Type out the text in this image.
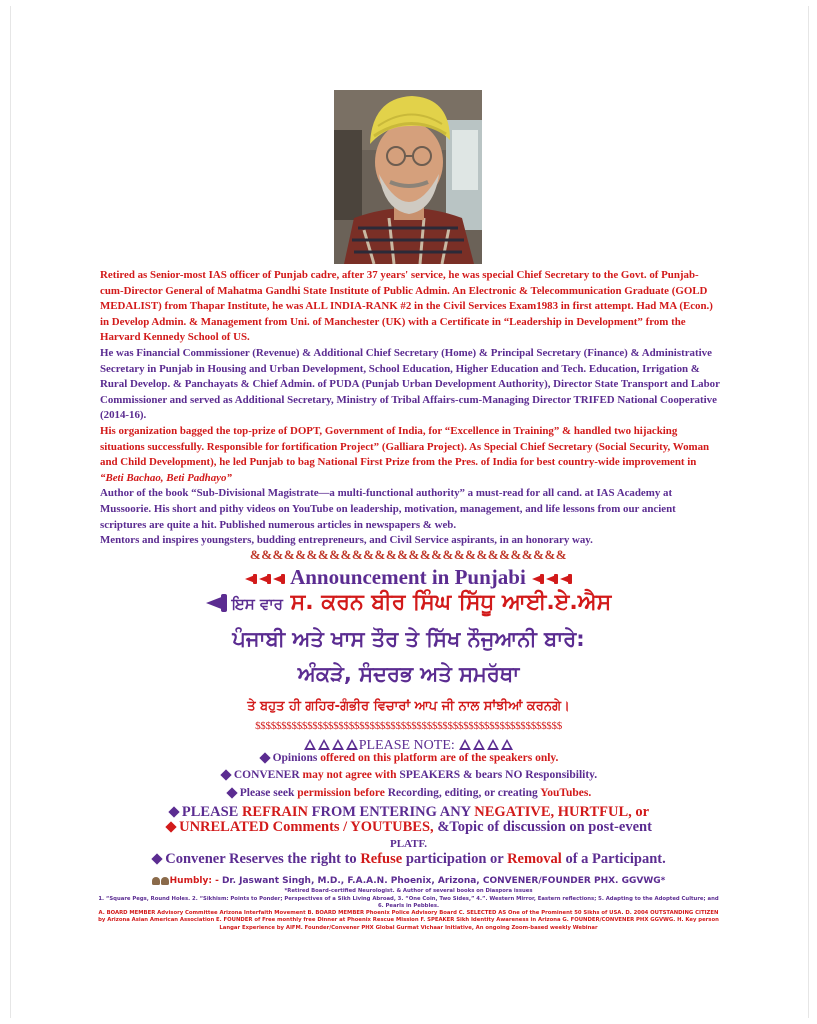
Retired as Senior-most IAS officer of Punjab cadre, after 37 years' service, he was special Chief Secretary to the Govt. of Punjab-cum-Director General of Mahatma Gandhi State Institute of Public Admin. An Electronic & Telecommunication Graduate (GOLD MEDALIST) from Thapar Institute, he was ALL INDIA-RANK #2 in the Civil Services Exam1983 in first attempt. Had MA (Econ.) in Develop Admin. & Management from Uni. of Manchester (UK) with a Certificate in “Leadership in Development” from the Harvard Kennedy School of US.

He was Financial Commissioner (Revenue) & Additional Chief Secretary (Home) & Principal Secretary (Finance) & Administrative Secretary in Punjab in Housing and Urban Development, School Education, Higher Education and Tech. Education, Irrigation & Rural Develop. & Panchayats & Chief Admin. of PUDA (Punjab Urban Development Authority), Director State Transport and Labor Commissioner and served as Additional Secretary, Ministry of Tribal Affairs-cum-Managing Director TRIFED National Cooperative (2014-16).

His organization bagged the top-prize of DOPT, Government of India, for “Excellence in Training” & handled two hijacking situations successfully. Responsible for fortification Project” (Galliara Project). As Special Chief Secretary (Social Security, Woman and Child Development), he led Punjab to bag National First Prize from the Pres. of India for best country-wide improvement in “Beti Bachao, Beti Padhayo”

Author of the book “Sub-Divisional Magistrate—a multi-functional authority” a must-read for all cand. at IAS Academy at Mussoorie. His short and pithy videos on YouTube on leadership, motivation, management, and life lessons from our ancient scriptures are quite a hit. Published numerous articles in newspapers & web.

Mentors and inspires youngsters, budding entrepreneurs, and Civil Service aspirants, in an honorary way.

&&&&&&&&&&&&&&&&&&&&&&&&&&&&
Announcement in Punjabi
ਇਸ ਵਾਰ ਸ. ਕਰਨ ਬੀਰ ਸਿੰਘ ਸਿੱਧੂ ਆਈ.ਏ.ਐਸ
ਪੰਜਾਬੀ ਅਤੇ ਖਾਸ ਤੌਰ ਤੇ ਸਿੱਖ ਨੌਜੁਆਨੀ ਬਾਰੇ:
ਅੰਕੜੇ, ਸੰਦਰਭ ਅਤੇ ਸਮਰੱਥਾ
ਤੇ ਬਹੁਤ ਹੀ ਗਹਿਰ-ਗੰਭੀਰ ਵਿਚਾਰਾਂ ਆਪ ਜੀ ਨਾਲ ਸਾਂਝੀਆਂ ਕਰਨਗੇ।
$$$$$$$$$$$$$$$$$$$$$$$$$$$$$$$$$$$$$$$$$$$$$$$$$$$$$$$$$$$
PLEASE NOTE:
Opinions offered on this platform are of the speakers only.
CONVENER may not agree with SPEAKERS & bears NO Responsibility.
Please seek permission before Recording, editing, or creating YouTubes.
PLEASE REFRAIN FROM ENTERING ANY NEGATIVE, HURTFUL, or
UNRELATED Comments / YOUTUBES, &Topic of discussion on post-event
PLATF.
Convener Reserves the right to Refuse participation or Removal of a Participant.
Humbly: - Dr. Jaswant Singh, M.D., F.A.A.N. Phoenix, Arizona, CONVENER/FOUNDER PHX. GGVWG*
*Retired Board-certified Neurologist. & Author of several books on Diaspora issues
1. “Square Pegs, Round Holes. 2. “Sikhism: Points to Ponder; Perspectives of a Sikh Living Abroad, 3. “One Coin, Two Sides,” 4.”. Western Mirror, Eastern reflections; 5. Adapting to the Adopted Culture; and 6. Pearls in Pebbles.
A. BOARD MEMBER Advisory Committee Arizona Interfaith Movement B. BOARD MEMBER Phoenix Police Advisory Board C. SELECTED AS One of the Prominent 50 Sikhs of USA. D. 2004 OUTSTANDING CITIZEN by Arizona Asian American Association E. FOUNDER of Free monthly free Dinner at Phoenix Rescue Mission F. SPEAKER Sikh Identity Awareness in Arizona G. FOUNDER/CONVENER PHX GGVWG. H. Key person Langar Experience by AIFM. Founder/Convener PHX Global Gurmat Vichaar Initiative, An ongoing Zoom-based weekly Webinar
